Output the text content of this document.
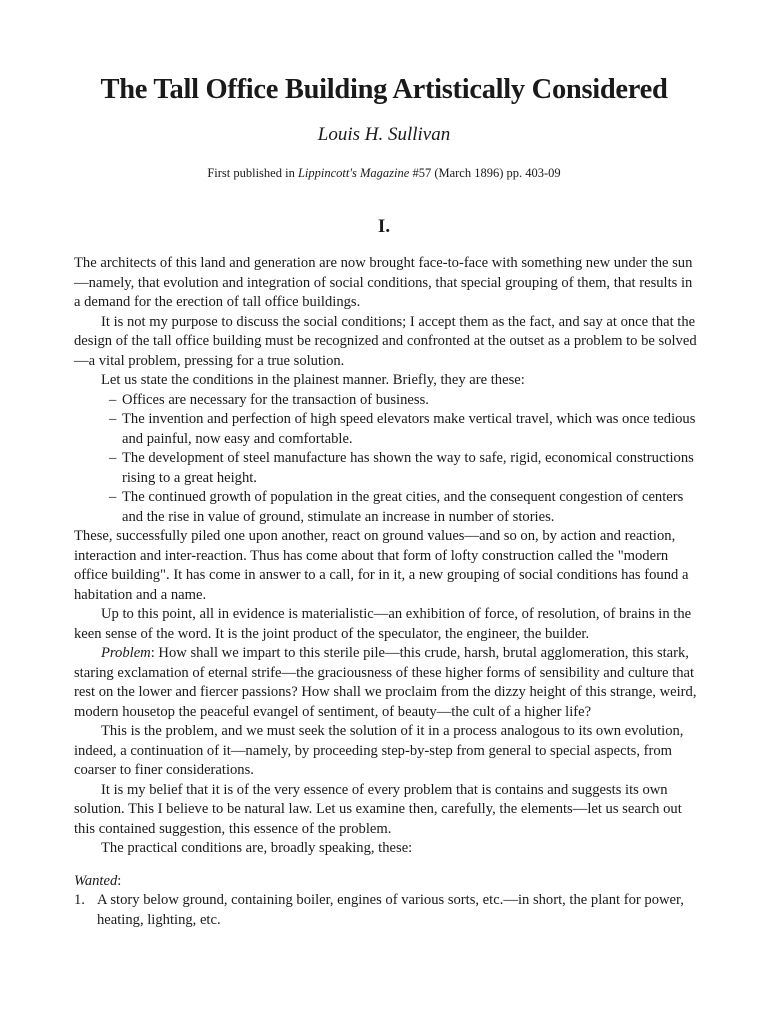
The Tall Office Building Artistically Considered
Louis H. Sullivan
First published in Lippincott's Magazine #57 (March 1896) pp. 403-09
I.

The architects of this land and generation are now brought face-to-face with something new under the sun—namely, that evolution and integration of social conditions, that special grouping of them, that results in a demand for the erection of tall office buildings.

It is not my purpose to discuss the social conditions; I accept them as the fact, and say at once that the design of the tall office building must be recognized and confronted at the outset as a problem to be solved—a vital problem, pressing for a true solution.

Let us state the conditions in the plainest manner. Briefly, they are these:

– Offices are necessary for the transaction of business.
– The invention and perfection of high speed elevators make vertical travel, which was once tedious and painful, now easy and comfortable.
– The development of steel manufacture has shown the way to safe, rigid, economical constructions rising to a great height.
– The continued growth of population in the great cities, and the consequent congestion of centers and the rise in value of ground, stimulate an increase in number of stories.

These, successfully piled one upon another, react on ground values—and so on, by action and reaction, interaction and inter-reaction. Thus has come about that form of lofty construction called the "modern office building". It has come in answer to a call, for in it, a new grouping of social conditions has found a habitation and a name.

Up to this point, all in evidence is materialistic—an exhibition of force, of resolution, of brains in the keen sense of the word. It is the joint product of the speculator, the engineer, the builder.

Problem: How shall we impart to this sterile pile—this crude, harsh, brutal agglomeration, this stark, staring exclamation of eternal strife—the graciousness of these higher forms of sensibility and culture that rest on the lower and fiercer passions? How shall we proclaim from the dizzy height of this strange, weird, modern housetop the peaceful evangel of sentiment, of beauty—the cult of a higher life?

This is the problem, and we must seek the solution of it in a process analogous to its own evolution, indeed, a continuation of it—namely, by proceeding step-by-step from general to special aspects, from coarser to finer considerations.

It is my belief that it is of the very essence of every problem that is contains and suggests its own solution. This I believe to be natural law. Let us examine then, carefully, the elements—let us search out this contained suggestion, this essence of the problem.

The practical conditions are, broadly speaking, these:

Wanted:

1. A story below ground, containing boiler, engines of various sorts, etc.—in short, the plant for power, heating, lighting, etc.
